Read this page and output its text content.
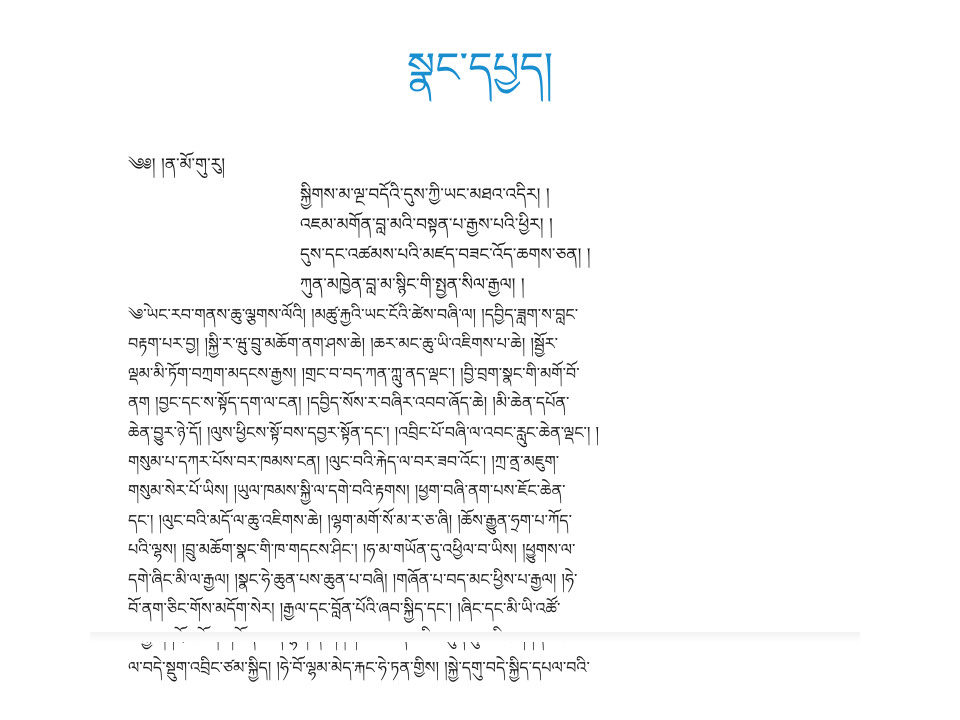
སྣང་དཔྱད།
༄༅། །ན་མོ་གུ་རུ།
སྐྱིགས་མ་ལྔ་བདོའི་དུས་ཀྱི་ཡང་མཐའ་འདིར། །
འཇམ་མགོན་བླ་མའི་བསྟན་པ་རྒྱས་པའི་ཕྱིར། །
དུས་དང་འཚམས་པའི་མཛད་བཟང་འོད་ཆགས་ཅན། །
ཀུན་མཁྱེན་བླ་མ་སྙིང་གི་སྤྱན་སིལ་རྒྱལ། །
༄ེ་ཡང་རབ་གནས་ཆུ་ལྕགས་ལོའི། །མཚུ་རྐྱའི་ཡང་ངོའི་ཚེས་བཞི་ལ། །དབྱིད་ཟླག་ས་བླང་
བརྟག་པར་བྱ། །སྐྱི་ར་ཝུ་བྲུ་མཆོག་ནག་ཤས་ཆེ། །ཆར་མང་ཆུ་ཡི་འཇིགས་པ་ཆེ། །སྦྱོར་
ལྡམ་མི་ཏོག་བཀྲག་མདངས་རྒྱས། །གྲང་བ་བད་ཀན་ཀླུ་ནད་ལྡང་། །བྱི་བྲག་སྣང་གི་མགོ་བོ་
ནག །བྱང་དང་ས་སྟོད་དག་ལ་ངན། །དབྱིད་སོས་ར་བཞིར་འབབ་ཞོད་ཆེ། །མི་ཆེན་དཔོན་
ཆེན་བྱུར་ཉེ་དོ། །ལུས་ཕྱིངས་སྟོ་བས་དབྱར་སྟོན་དང་། །འབྲིང་པོ་བཞི་ལ་འབང་རླུང་ཆེན་ལྡང་། །
གསུམ་པ་དཀར་པོས་བར་ཁམས་ངན། །ལུང་བའི་རྐེད་ལ་བར་ཟབ་འོང་། །ཀྲ་ནྲ་མཇུག་
གསུམ་སེར་པོ་ཡིས། །ཡུལ་ཁམས་སྐྱི་ལ་དགེ་བའི་རྟགས། །ཕྱག་བཞི་ནག་པས་ཇོང་ཆེན་
དང་། །ལུང་བའི་མདོ་ལ་ཆུ་འཇིགས་ཆེ། །ལྷག་མགོ་སོ་མ་ར་ཅ་ཞི། །ཆོས་རྒྱུན་ཧྲག་པ་ཀོད་
པའི་ལྷས། །བྲུ་མཆོག་སྣང་གི་ཁ་གདངས་ཤིང་། །ཧ་མ་གཡོན་དུ་འཕྱིལ་བ་ཡིས། །ཕྱུགས་ལ་
དགེ་ཞིང་མི་ལ་རྒྱལ། །སྣང་ཧེ་ཆུན་པས་ཆུན་པ་བཞི། །གཞོན་པ་བད་མང་ཕྱིས་པ་རྒྱལ། །ཧེ་
བོ་ནག་ཅིང་གོས་མདོག་སེར། །རྒྱལ་དང་བློན་པོའི་ཞབ་སྐྱིད་དང་། །ཞིང་དང་མི་ཡི་འཚོ་
ལ་བདེ་སྡུག་འབྲིང་ཙམ་སྐྱིད། །ཧེ་བོ་ལྷམ་མེད་རྐང་ཧེ་ཏན་གྱིས། །སྐྱེ་དགུ་བདེ་སྐྱིད་དཔལ་བའི་
